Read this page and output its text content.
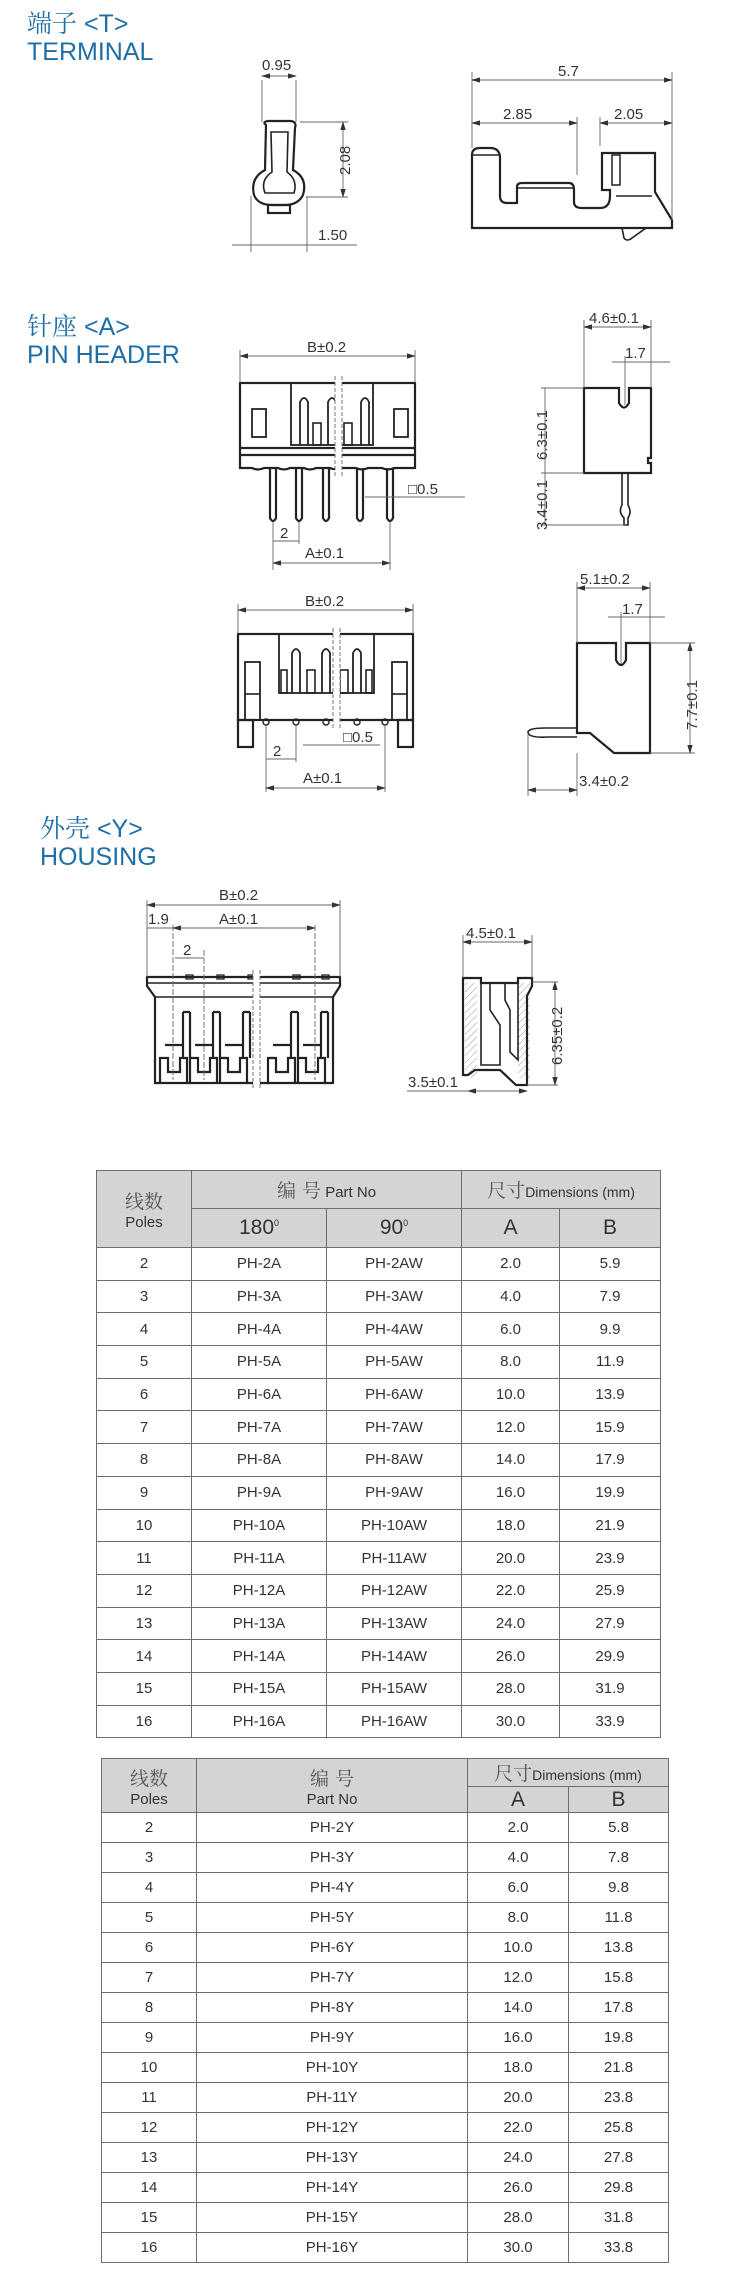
端子 <T>
TERMINAL
针座 <A>
PIN HEADER
外壳 <Y>
HOUSING
0.95
2.08
1.50
5.7
2.85	2.05
B±0.2
2
A±0.1
□0.5
4.6±0.1
1.7
6.3±0.1
3.4±0.1
B±0.2
2
A±0.1
□0.5
5.1±0.2
1.7
7.7±0.1
3.4±0.2
B±0.2
1.9	A±0.1
2
4.5±0.1
6.35±0.2
3.5±0.1
线数
Poles	编 号 Part No		尺寸Dimensions (mm)	
	$180^0$	$90^0$	A	B
2	PH-2A	PH-2AW	2.0	5.9
3	PH-3A	PH-3AW	4.0	7.9
4	PH-4A	PH-4AW	6.0	9.9
5	PH-5A	PH-5AW	8.0	11.9
6	PH-6A	PH-6AW	10.0	13.9
7	PH-7A	PH-7AW	12.0	15.9
8	PH-8A	PH-8AW	14.0	17.9
9	PH-9A	PH-9AW	16.0	19.9
10	PH-10A	PH-10AW	18.0	21.9
11	PH-11A	PH-11AW	20.0	23.9
12	PH-12A	PH-12AW	22.0	25.9
13	PH-13A	PH-13AW	24.0	27.9
14	PH-14A	PH-14AW	26.0	29.9
15	PH-15A	PH-15AW	28.0	31.9
16	PH-16A	PH-16AW	30.0	33.9
线数
Poles

编 号
Part No
	尺寸Dimensions (mm)
		A	B
2	PH-2Y	2.0	5.8
3	PH-3Y	4.0	7.8
4	PH-4Y	6.0	9.8
5	PH-5Y	8.0	11.8
6	PH-6Y	10.0	13.8
7	PH-7Y	12.0	15.8
8	PH-8Y	14.0	17.8
9	PH-9Y	16.0	19.8
10	PH-10Y	18.0	21.8
11	PH-11Y	20.0	23.8
12	PH-12Y	22.0	25.8
13	PH-13Y	24.0	27.8
14	PH-14Y	26.0	29.8
15	PH-15Y	28.0	31.8
16	PH-16Y	30.0	33.8
